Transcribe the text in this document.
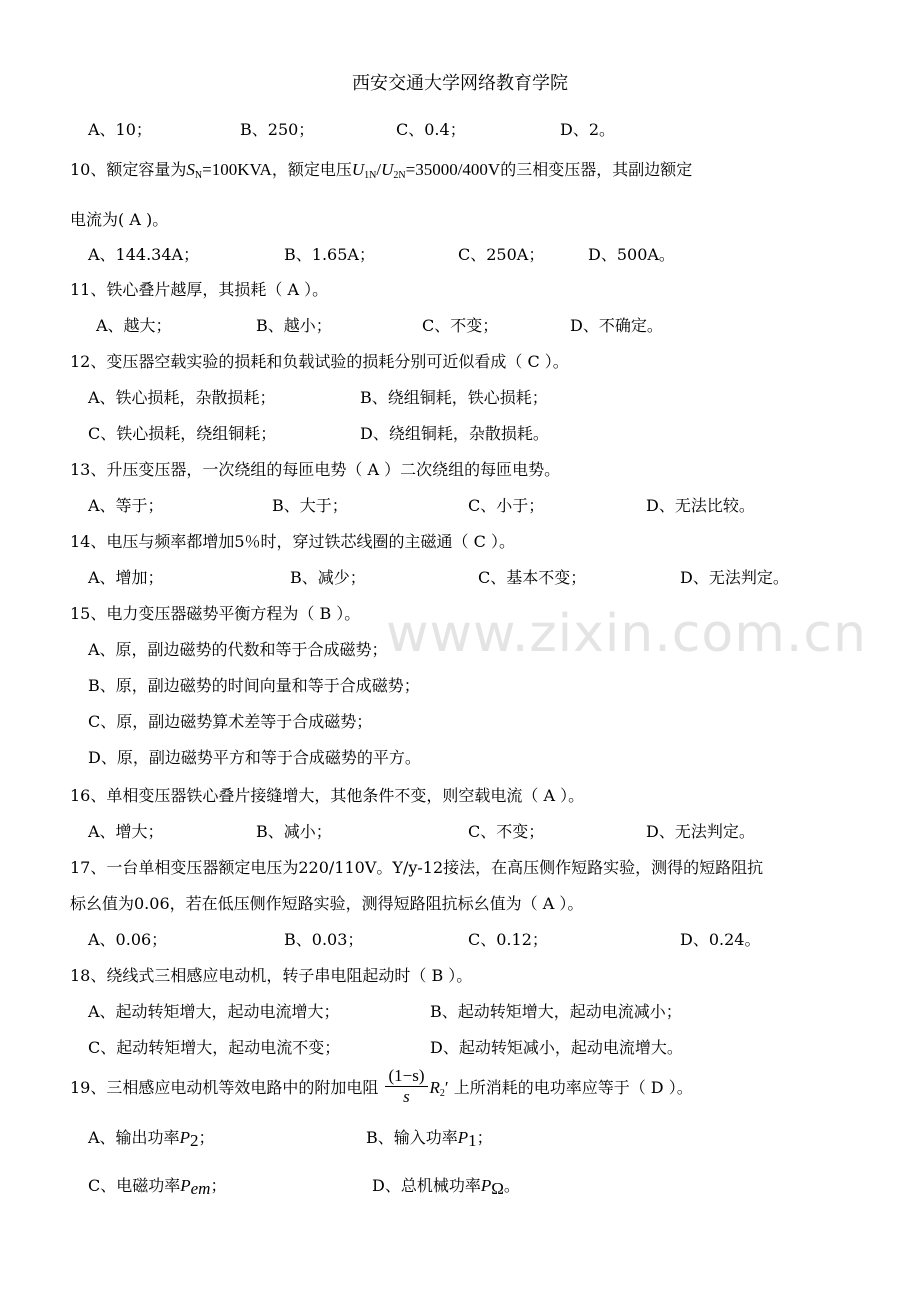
西安交通大学网络教育学院
www.zixin.com.cn
A、10；	B、250；	C、0.4；	D、2。
10、额定容量为$S_N=100KVA$，额定电压$U_{1N}/U_{2N}=35000/400V$的三相变压器，其副边额定
电流为( A )。
A、144.34A；	B、1.65A；	C、250A；	D、500A。
11、铁心叠片越厚，其损耗（ A ）。
A、越大；	B、越小；	C、不变；	D、不确定。
12、变压器空载实验的损耗和负载试验的损耗分别可近似看成（ C ）。
A、铁心损耗，杂散损耗；	B、绕组铜耗，铁心损耗；
C、铁心损耗，绕组铜耗；	D、绕组铜耗，杂散损耗。
13、升压变压器，一次绕组的每匝电势（ A ）二次绕组的每匝电势。
A、等于；	B、大于；	C、小于；	D、无法比较。
14、电压与频率都增加5％时，穿过铁芯线圈的主磁通（ C ）。
A、增加；	B、减少；	C、基本不变；	D、无法判定。
15、电力变压器磁势平衡方程为（ B ）。
A、原，副边磁势的代数和等于合成磁势；
B、原，副边磁势的时间向量和等于合成磁势；
C、原，副边磁势算术差等于合成磁势；
D、原，副边磁势平方和等于合成磁势的平方。
16、单相变压器铁心叠片接缝增大，其他条件不变，则空载电流（ A ）。
A、增大；	B、减小；	C、不变；	D、无法判定。
17、一台单相变压器额定电压为220/110V。Y/y-12接法，在高压侧作短路实验，测得的短路阻抗
标幺值为0.06，若在低压侧作短路实验，测得短路阻抗标幺值为（ A ）。
A、0.06；	B、0.03；	C、0.12；	D、0.24。
18、绕线式三相感应电动机，转子串电阻起动时（ B ）。
A、起动转矩增大，起动电流增大；	B、起动转矩增大，起动电流减小；
C、起动转矩增大，起动电流不变；	D、起动转矩减小，起动电流增大。
19、三相感应电动机等效电路中的附加电阻 $\frac{(1-s)}{s} R_2'$ 上所消耗的电功率应等于（ D ）。
A、输出功率$P_2$；	B、输入功率$P_1$；
C、电磁功率$P_{em}$；	D、总机械功率$P_\Omega$。
